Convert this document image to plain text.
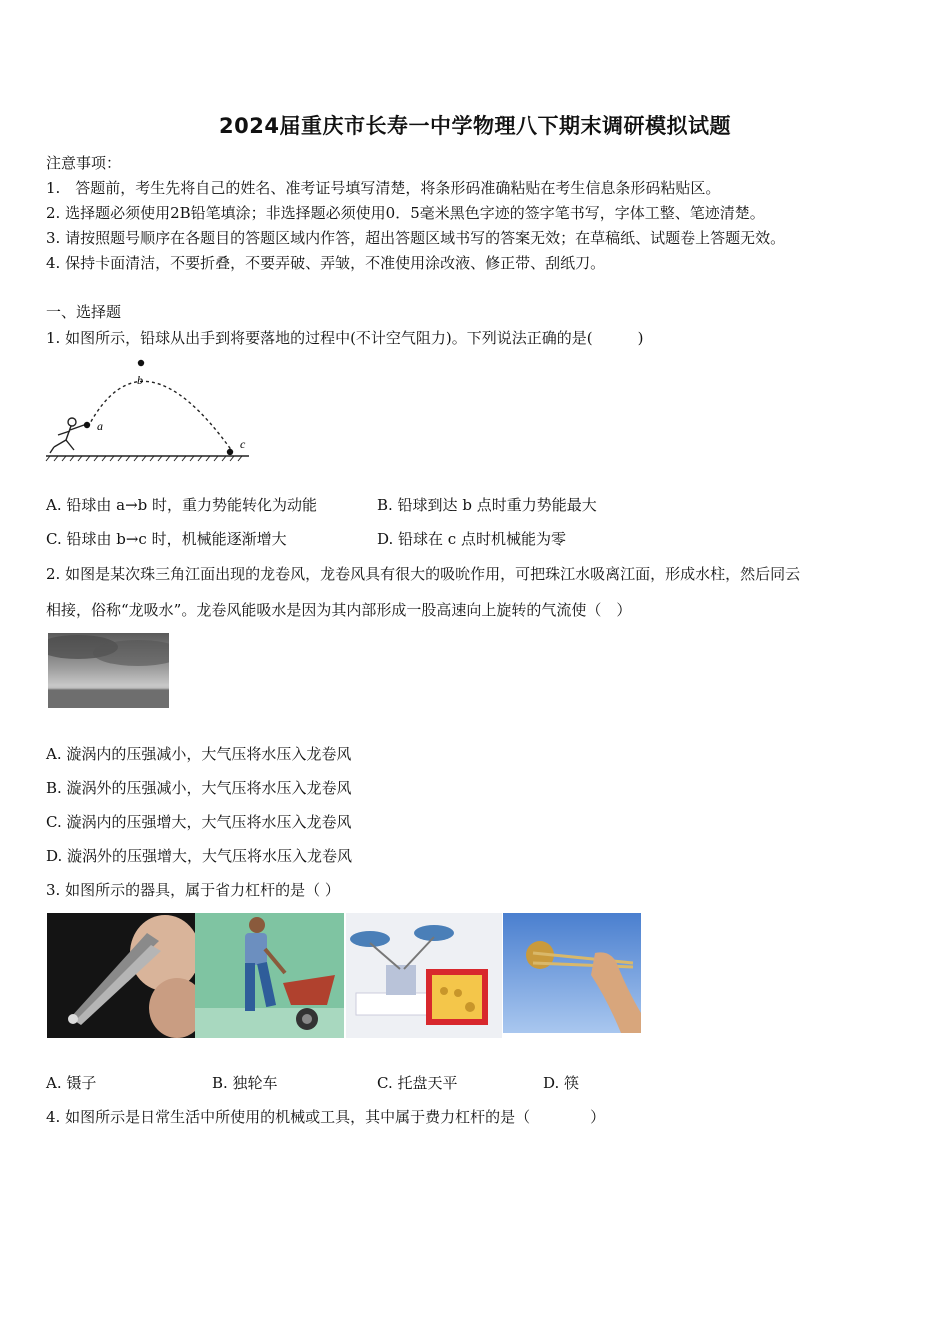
2024届重庆市长寿一中学物理八下期末调研模拟试题
注意事项：
1.　答题前，考生先将自己的姓名、准考证号填写清楚，将条形码准确粘贴在考生信息条形码粘贴区。
2. 选择题必须使用2B铅笔填涂；非选择题必须使用0．5毫米黑色字迹的签字笔书写，字体工整、笔迹清楚。
3. 请按照题号顺序在各题目的答题区域内作答，超出答题区域书写的答案无效；在草稿纸、试题卷上答题无效。
4. 保持卡面清洁，不要折叠，不要弄破、弄皱，不准使用涂改液、修正带、刮纸刀。
一、选择题
1. 如图所示，铅球从出手到将要落地的过程中(不计空气阻力)。下列说法正确的是(　　　)
a
b
c
A. 铅球由 a→b 时，重力势能转化为动能	B. 铅球到达 b 点时重力势能最大
C. 铅球由 b→c 时，机械能逐渐增大	D. 铅球在 c 点时机械能为零
2. 如图是某次珠三角江面出现的龙卷风，龙卷风具有很大的吸吮作用，可把珠江水吸离江面，形成水柱，然后同云
相接，俗称“龙吸水”。龙卷风能吸水是因为其内部形成一股高速向上旋转的气流使（　）
A. 漩涡内的压强减小，大气压将水压入龙卷风
B. 漩涡外的压强减小，大气压将水压入龙卷风
C. 漩涡内的压强增大，大气压将水压入龙卷风
D. 漩涡外的压强增大，大气压将水压入龙卷风
3. 如图所示的器具，属于省力杠杆的是（ ）
A. 镊子	B. 独轮车	C. 托盘天平	D. 筷
4. 如图所示是日常生活中所使用的机械或工具，其中属于费力杠杆的是（　　　　）
